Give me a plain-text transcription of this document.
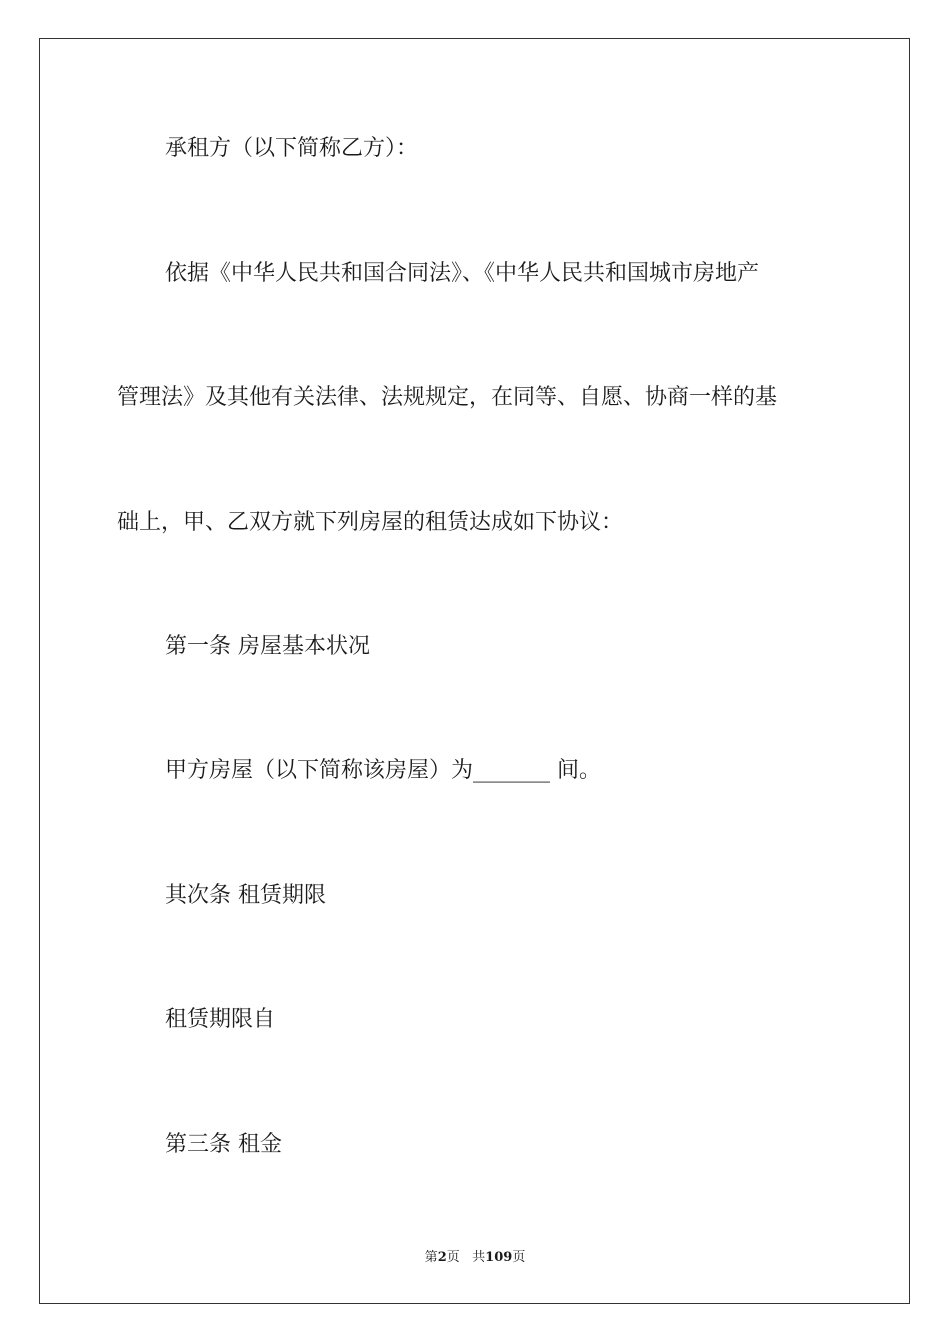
承租方（以下简称乙方）：
依据《中华人民共和国合同法》、《中华人民共和国城市房地产
管理法》及其他有关法律、法规规定，在同等、自愿、协商一样的基
础上，甲、乙双方就下列房屋的租赁达成如下协议：
第一条 房屋基本状况
甲方房屋（以下简称该房屋）为_______ 间。
其次条 租赁期限
租赁期限自
第三条 租金
第2页 共109页
